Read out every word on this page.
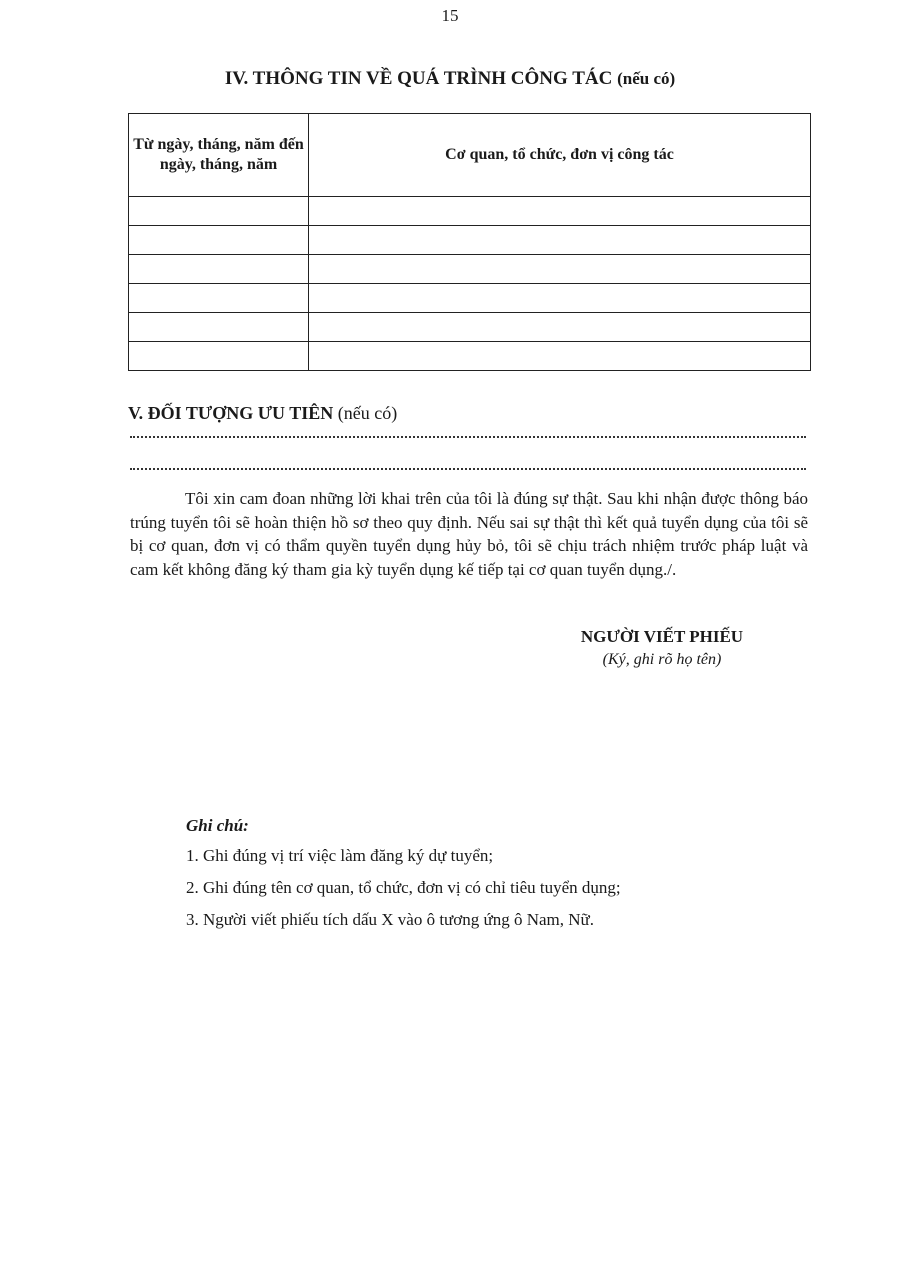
15
IV. THÔNG TIN VỀ QUÁ TRÌNH CÔNG TÁC (nếu có)
Từ ngày, tháng, năm đến ngày, tháng, năm	Cơ quan, tổ chức, đơn vị công tác

V. ĐỐI TƯỢNG ƯU TIÊN (nếu có)

Tôi xin cam đoan những lời khai trên của tôi là đúng sự thật. Sau khi nhận được thông báo trúng tuyển tôi sẽ hoàn thiện hồ sơ theo quy định. Nếu sai sự thật thì kết quả tuyển dụng của tôi sẽ bị cơ quan, đơn vị có thẩm quyền tuyển dụng hủy bỏ, tôi sẽ chịu trách nhiệm trước pháp luật và cam kết không đăng ký tham gia kỳ tuyển dụng kế tiếp tại cơ quan tuyển dụng./.

NGƯỜI VIẾT PHIẾU
(Ký, ghi rõ họ tên)
Ghi chú:
1. Ghi đúng vị trí việc làm đăng ký dự tuyển;
2. Ghi đúng tên cơ quan, tổ chức, đơn vị có chỉ tiêu tuyển dụng;
3. Người viết phiếu tích dấu X vào ô tương ứng ô Nam, Nữ.
